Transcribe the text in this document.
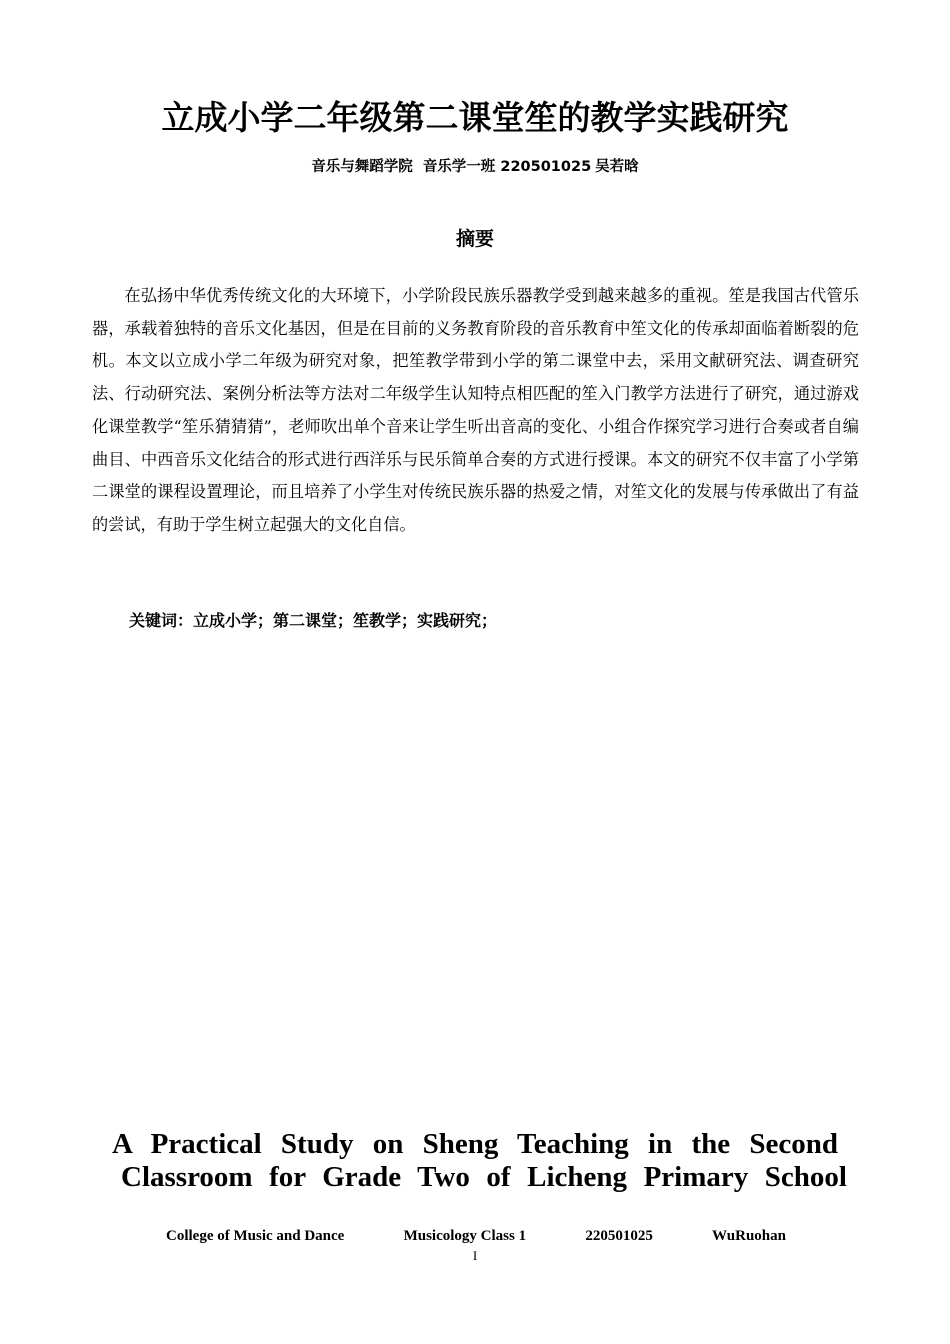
立成小学二年级第二课堂笙的教学实践研究
音乐与舞蹈学院 音乐学一班 220501025 吴若晗
摘要

在弘扬中华优秀传统文化的大环境下，小学阶段民族乐器教学受到越来越多的重视。笙是我国古代管乐器，承载着独特的音乐文化基因，但是在目前的义务教育阶段的音乐教育中笙文化的传承却面临着断裂的危机。本文以立成小学二年级为研究对象，把笙教学带到小学的第二课堂中去，采用文献研究法、调查研究法、行动研究法、案例分析法等方法对二年级学生认知特点相匹配的笙入门教学方法进行了研究，通过游戏化课堂教学“笙乐猜猜猜”，老师吹出单个音来让学生听出音高的变化、小组合作探究学习进行合奏或者自编曲目、中西音乐文化结合的形式进行西洋乐与民乐简单合奏的方式进行授课。本文的研究不仅丰富了小学第二课堂的课程设置理论，而且培养了小学生对传统民族乐器的热爱之情，对笙文化的发展与传承做出了有益的尝试，有助于学生树立起强大的文化自信。

关键词：立成小学；第二课堂；笙教学；实践研究；
A Practical Study on Sheng Teaching in the Second
Classroom for Grade Two of Licheng Primary School
College of Music and Dance	Musicology Class 1	220501025	WuRuohan
I
